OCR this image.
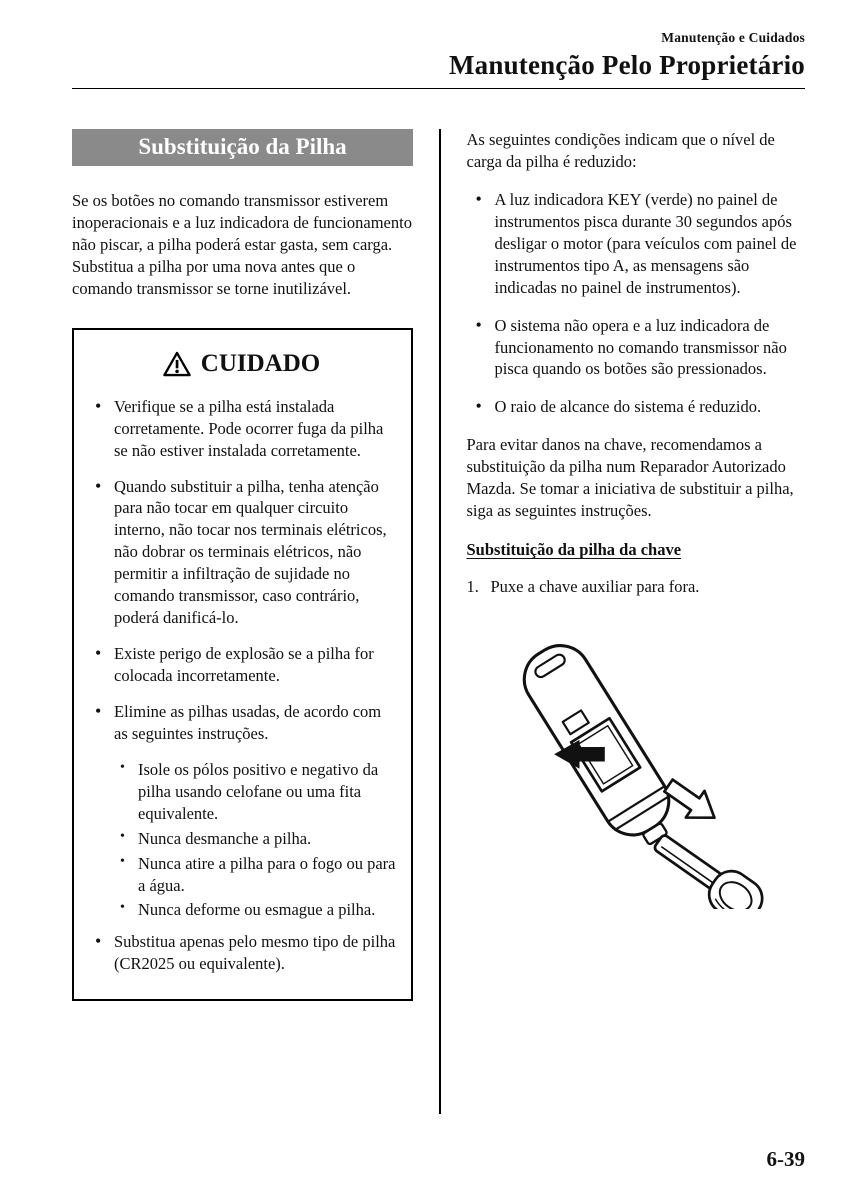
Manutenção e Cuidados
Manutenção Pelo Proprietário
Substituição da Pilha

Se os botões no comando transmissor estiverem inoperacionais e a luz indicadora de funcionamento não piscar, a pilha poderá estar gasta, sem carga. Substitua a pilha por uma nova antes que o comando transmissor se torne inutilizável.

CUIDADO
• Verifique se a pilha está instalada corretamente. Pode ocorrer fuga da pilha se não estiver instalada corretamente.
• Quando substituir a pilha, tenha atenção para não tocar em qualquer circuito interno, não tocar nos terminais elétricos, não dobrar os terminais elétricos, não permitir a infiltração de sujidade no comando transmissor, caso contrário, poderá danificá-lo.
• Existe perigo de explosão se a pilha for colocada incorretamente.
• Elimine as pilhas usadas, de acordo com as seguintes instruções.
• Isole os pólos positivo e negativo da pilha usando celofane ou uma fita equivalente.
• Nunca desmanche a pilha.
• Nunca atire a pilha para o fogo ou para a água.
• Nunca deforme ou esmague a pilha.
• Substitua apenas pelo mesmo tipo de pilha (CR2025 ou equivalente).

As seguintes condições indicam que o nível de carga da pilha é reduzido:

• A luz indicadora KEY (verde) no painel de instrumentos pisca durante 30 segundos após desligar o motor (para veículos com painel de instrumentos tipo A, as mensagens são indicadas no painel de instrumentos).
• O sistema não opera e a luz indicadora de funcionamento no comando transmissor não pisca quando os botões são pressionados.
• O raio de alcance do sistema é reduzido.

Para evitar danos na chave, recomendamos a substituição da pilha num Reparador Autorizado Mazda. Se tomar a iniciativa de substituir a pilha, siga as seguintes instruções.

Substituição da pilha da chave
1. Puxe a chave auxiliar para fora.
6-39
